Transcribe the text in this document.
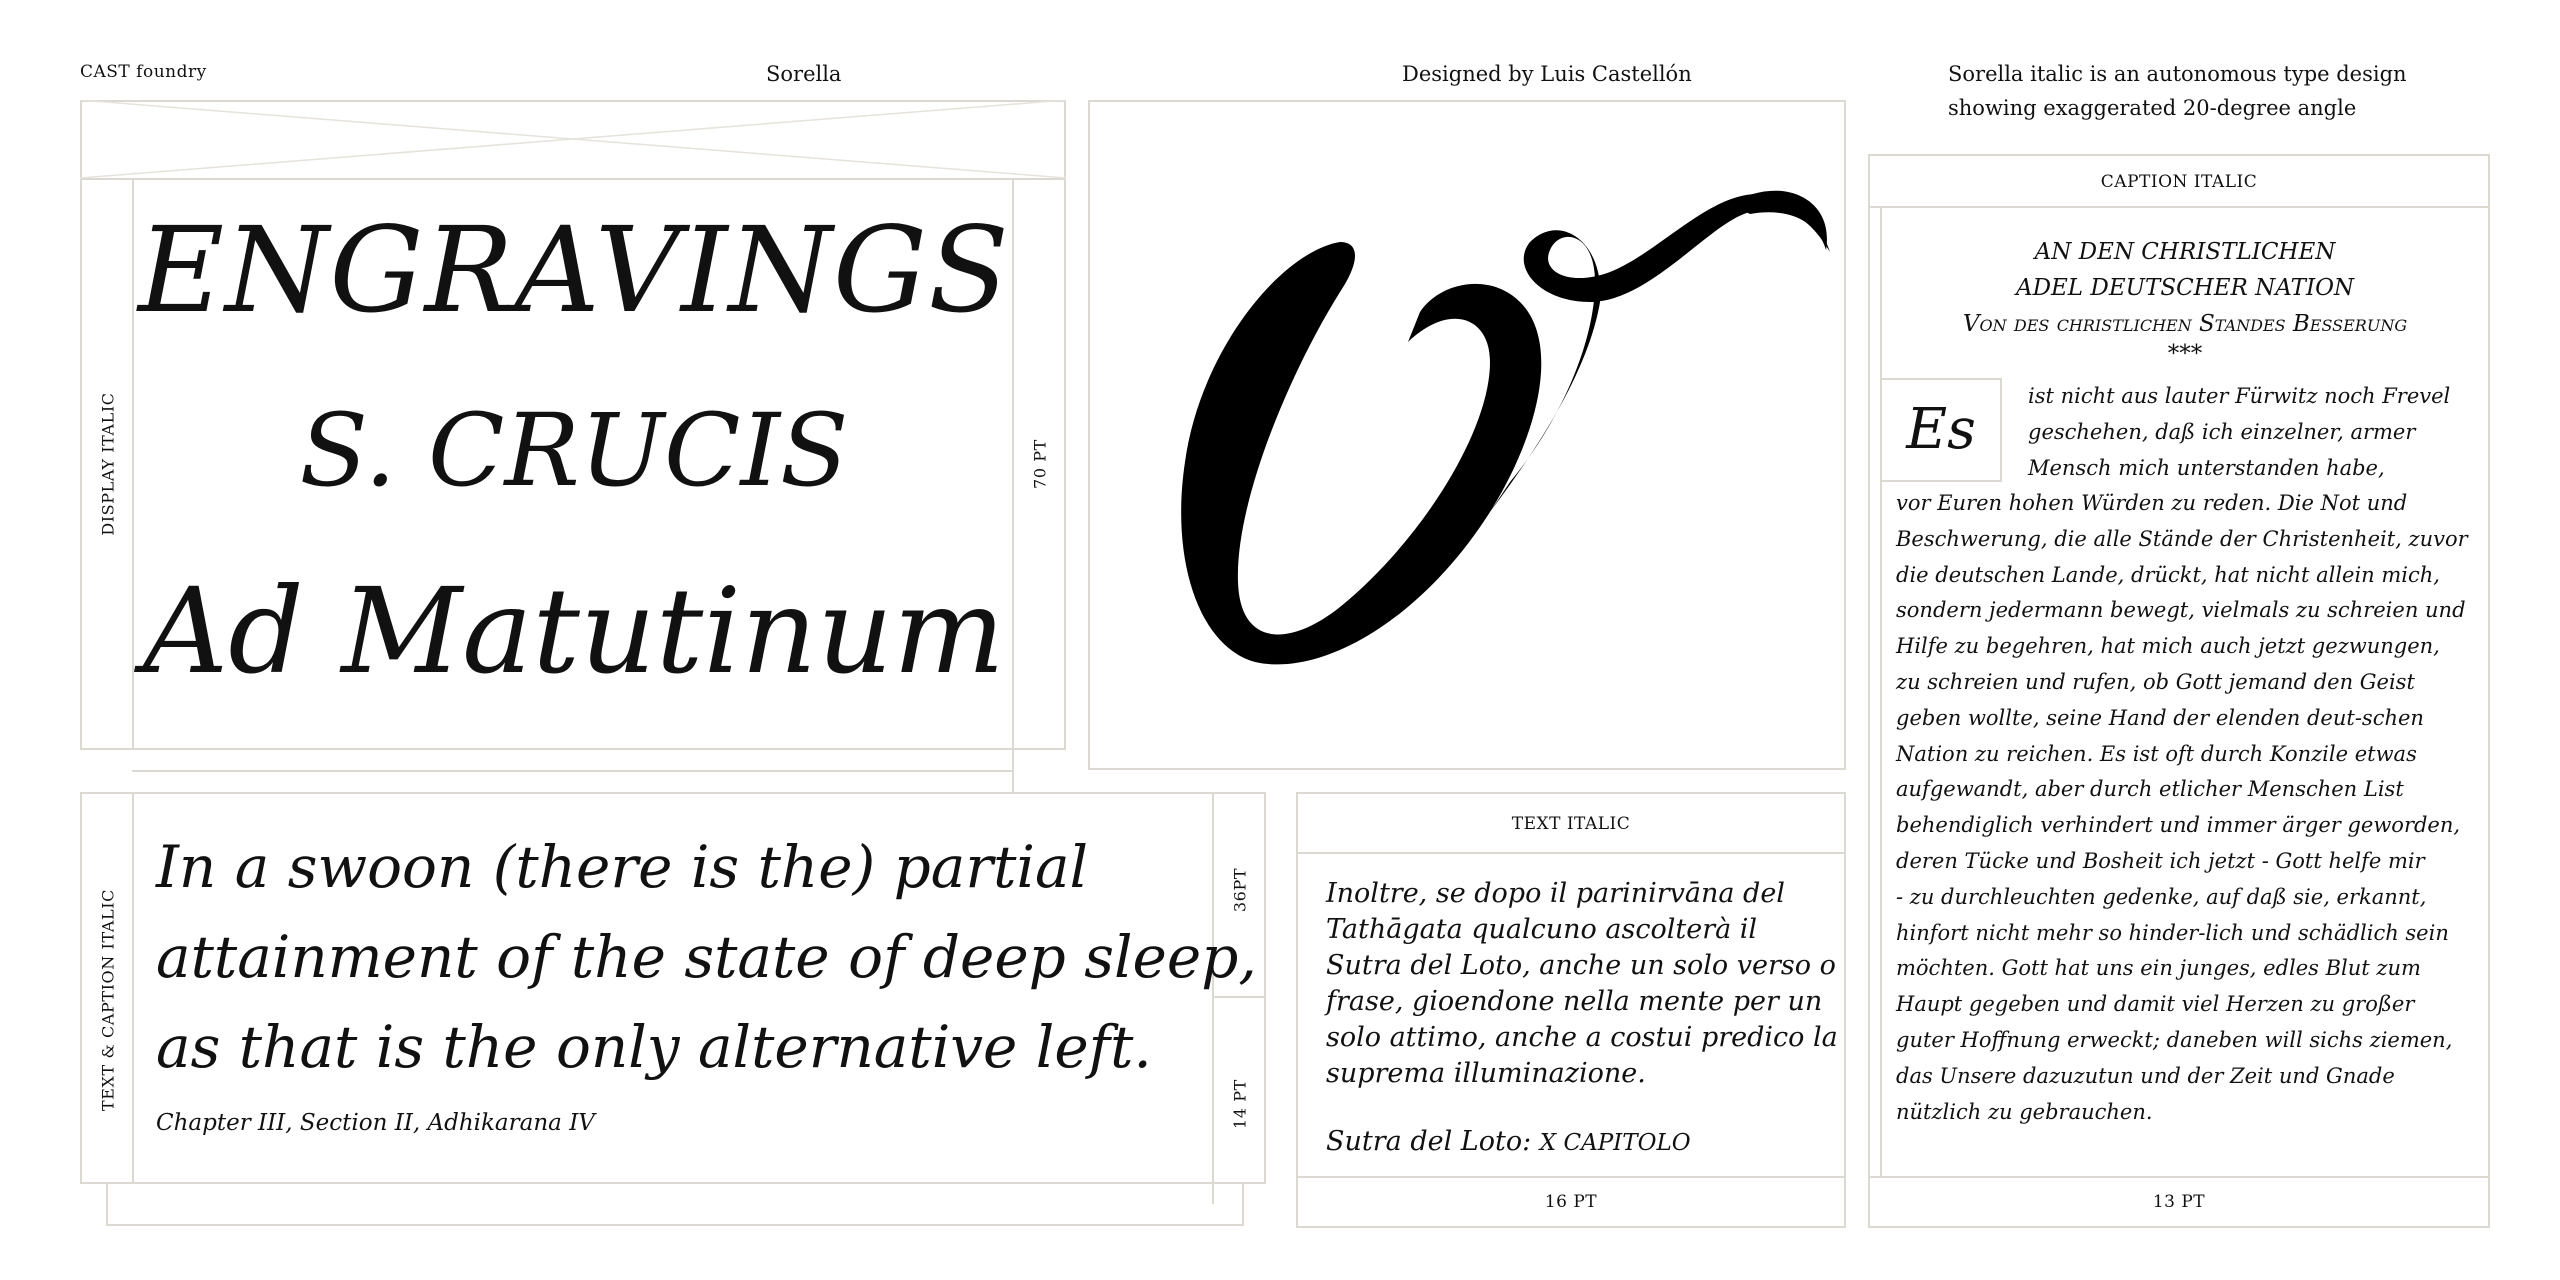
CAST foundry	Sorella	Designed by Luis Castellón	Sorella italic is an autonomous type design
showing exaggerated 20-degree angle
DISPLAY ITALIC	70 PT
ENGRAVINGS
S. CRUCIS
Ad Matutinum
TEXT & CAPTION ITALIC	36PT
14 PT
In a swoon (there is the) partial
attainment of the state of deep sleep,
as that is the only alternative left.
Chapter III, Section II, Adhikarana IV
TEXT ITALIC
Inoltre, se dopo il parinirvāna del
Tathāgata qualcuno ascolterà il
Sutra del Loto, anche un solo verso o
frase, gioendone nella mente per un
solo attimo, anche a costui predico la
suprema illuminazione.
Sutra del Loto: X CAPITOLO
16 PT
CAPTION ITALIC
AN DEN CHRISTLICHEN
ADEL DEUTSCHER NATION
Von des christlichen Standes Besserung
***
Es
ist nicht aus lauter Fürwitz noch Frevel
geschehen, daß ich einzelner, armer
Mensch mich unterstanden habe,
vor Euren hohen Würden zu reden. Die Not und
Beschwerung, die alle Stände der Christenheit, zuvor
die deutschen Lande, drückt, hat nicht allein mich,
sondern jedermann bewegt, vielmals zu schreien und
Hilfe zu begehren, hat mich auch jetzt gezwungen,
zu schreien und rufen, ob Gott jemand den Geist
geben wollte, seine Hand der elenden deut-schen
Nation zu reichen. Es ist oft durch Konzile etwas
aufgewandt, aber durch etlicher Menschen List
behendiglich verhindert und immer ärger geworden,
deren Tücke und Bosheit ich jetzt - Gott helfe mir
- zu durchleuchten gedenke, auf daß sie, erkannt,
hinfort nicht mehr so hinder-lich und schädlich sein
möchten. Gott hat uns ein junges, edles Blut zum
Haupt gegeben und damit viel Herzen zu großer
guter Hoffnung erweckt; daneben will sichs ziemen,
das Unsere dazuzutun und der Zeit und Gnade
nützlich zu gebrauchen.
13 PT
